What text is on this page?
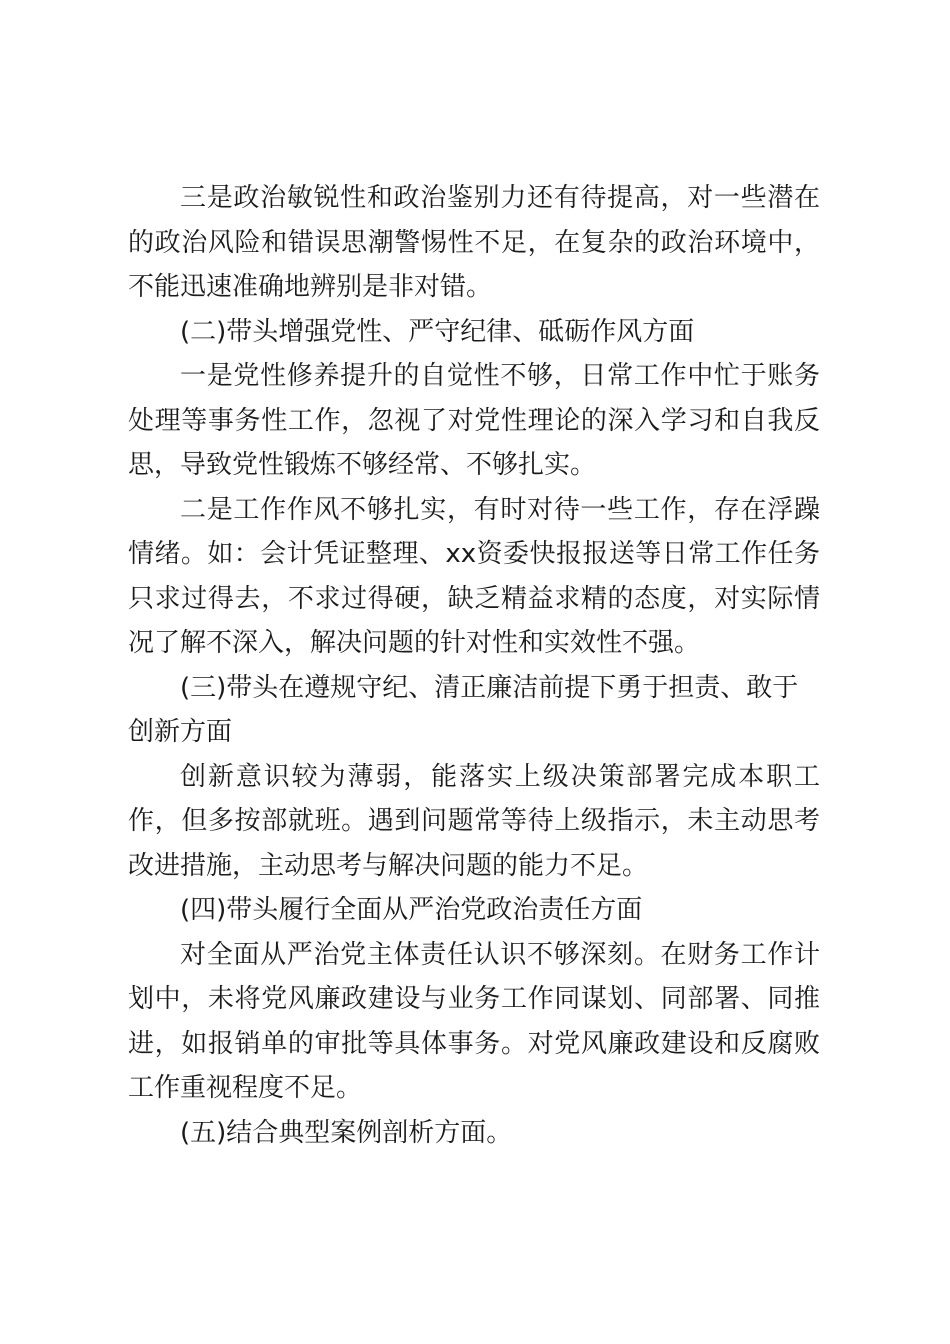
三是政治敏锐性和政治鉴别力还有待提高，对一些潜在的政治风险和错误思潮警惕性不足，在复杂的政治环境中，不能迅速准确地辨别是非对错。

(二)带头增强党性、严守纪律、砥砺作风方面

一是党性修养提升的自觉性不够，日常工作中忙于账务处理等事务性工作，忽视了对党性理论的深入学习和自我反思，导致党性锻炼不够经常、不够扎实。

二是工作作风不够扎实，有时对待一些工作，存在浮躁情绪。如：会计凭证整理、xx资委快报报送等日常工作任务只求过得去，不求过得硬，缺乏精益求精的态度，对实际情况了解不深入，解决问题的针对性和实效性不强。

(三)带头在遵规守纪、清正廉洁前提下勇于担责、敢于创新方面

创新意识较为薄弱，能落实上级决策部署完成本职工作，但多按部就班。遇到问题常等待上级指示，未主动思考改进措施，主动思考与解决问题的能力不足。

(四)带头履行全面从严治党政治责任方面

对全面从严治党主体责任认识不够深刻。在财务工作计划中，未将党风廉政建设与业务工作同谋划、同部署、同推进，如报销单的审批等具体事务。对党风廉政建设和反腐败工作重视程度不足。

(五)结合典型案例剖析方面。
